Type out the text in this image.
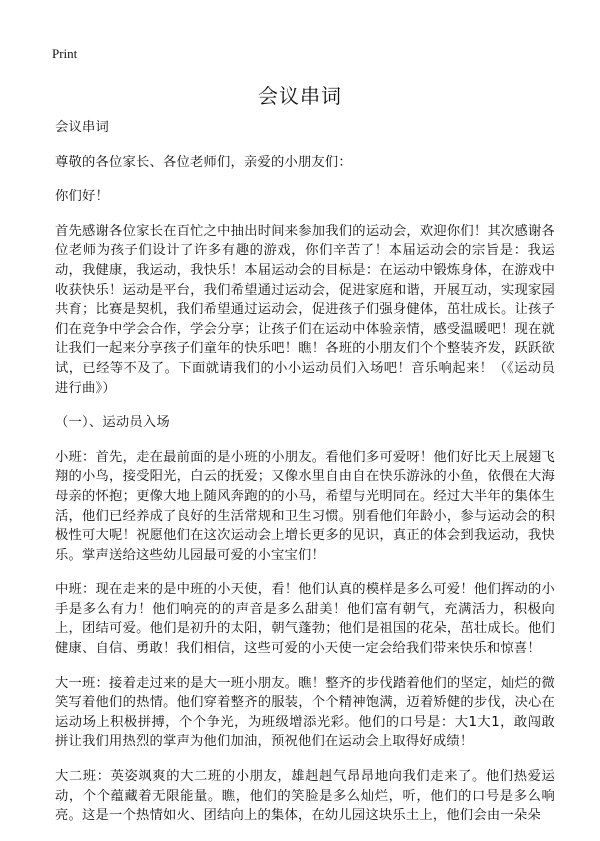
Print
会议串词

会议串词

尊敬的各位家长、各位老师们，亲爱的小朋友们：

你们好！

首先感谢各位家长在百忙之中抽出时间来参加我们的运动会，欢迎你们！其次感谢各位老师为孩子们设计了许多有趣的游戏，你们辛苦了！本届运动会的宗旨是：我运动，我健康，我运动，我快乐！本届运动会的目标是：在运动中锻炼身体，在游戏中收获快乐！运动是平台，我们希望通过运动会，促进家庭和谐，开展互动，实现家园共育；比赛是契机，我们希望通过运动会，促进孩子们强身健体，茁壮成长。让孩子们在竞争中学会合作，学会分享；让孩子们在运动中体验亲情，感受温暖吧！现在就让我们一起来分享孩子们童年的快乐吧！瞧！各班的小朋友们个个整装齐发，跃跃欲试，已经等不及了。下面就请我们的小小运动员们入场吧！音乐响起来！（《运动员进行曲》）

（一）、运动员入场

小班：首先，走在最前面的是小班的小朋友。看他们多可爱呀！他们好比天上展翅飞翔的小鸟，接受阳光，白云的抚爱；又像水里自由自在快乐游泳的小鱼，依偎在大海母亲的怀抱；更像大地上随风奔跑的的小马，希望与光明同在。经过大半年的集体生活，他们已经养成了良好的生活常规和卫生习惯。别看他们年龄小，参与运动会的积极性可大呢！祝愿他们在这次运动会上增长更多的见识，真正的体会到我运动，我快乐。掌声送给这些幼儿园最可爱的小宝宝们！

中班：现在走来的是中班的小天使，看！他们认真的模样是多么可爱！他们挥动的小手是多么有力！他们响亮的的声音是多么甜美！他们富有朝气，充满活力，积极向上，团结可爱。他们是初升的太阳，朝气蓬勃；他们是祖国的花朵，茁壮成长。他们健康、自信、勇敢！我们相信，这些可爱的小天使一定会给我们带来快乐和惊喜！

大一班：接着走过来的是大一班小朋友。瞧！整齐的步伐踏着他们的坚定，灿烂的微笑写着他们的热情。他们穿着整齐的服装，个个精神饱满，迈着矫健的步伐，决心在运动场上积极拼搏，个个争光，为班级增添光彩。他们的口号是：大1大1，敢闯敢拼让我们用热烈的掌声为他们加油，预祝他们在运动会上取得好成绩！

大二班：英姿飒爽的大二班的小朋友，雄赳赳气昂昂地向我们走来了。他们热爱运动，个个蕴藏着无限能量。瞧，他们的笑脸是多么灿烂，听，他们的口号是多么响亮。这是一个热情如火、团结向上的集体，在幼儿园这块乐土上，他们会由一朵朵
